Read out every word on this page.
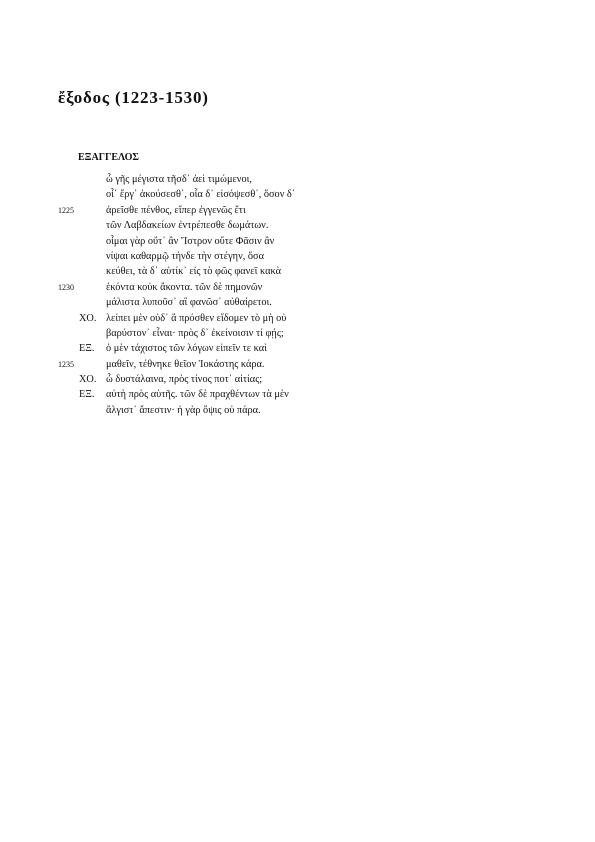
ἔξοδος (1223-1530)
ΕΞΑΓΓΕΛΟΣ
ὦ γῆς μέγιστα τῆσδ᾽ ἀεὶ τιμώμενοι,
οἷ᾽ ἔργ᾽ ἀκούσεσθ᾽, οἷα δ᾽ εἰσόψεσθ᾽, ὅσον δ᾽
1225	ἀρεῖσθε πένθος, εἴπερ ἐγγενῶς ἔτι
τῶν Λαβδακείων ἐντρέπεσθε δωμάτων.
οἶμαι γὰρ οὔτ᾽ ἂν Ἴστρον οὔτε Φᾶσιν ἂν
νίψαι καθαρμῷ τήνδε τὴν στέγην, ὅσα
κεύθει, τὰ δ᾽ αὐτίκ᾽ εἰς τὸ φῶς φανεῖ κακὰ
1230	ἑκόντα κοὐκ ἄκοντα. τῶν δὲ πημονῶν
μάλιστα λυποῦσ᾽ αἳ φανῶσ᾽ αὐθαίρετοι.
ΧΟ. λείπει μὲν οὐδ᾽ ἃ πρόσθεν εἴδομεν τὸ μὴ οὐ
βαρύστον᾽ εἶναι· πρὸς δ᾽ ἐκείνοισιν τί φῄς;
ΕΞ. ὁ μὲν τάχιστος τῶν λόγων εἰπεῖν τε καὶ
1235	μαθεῖν, τέθνηκε θεῖον Ἰοκάστης κάρα.
ΧΟ. ὦ δυστάλαινα, πρὸς τίνος ποτ᾽ αἰτίας;
ΕΞ. αὐτὴ πρὸς αὑτῆς. τῶν δὲ πραχθέντων τὰ μὲν
ἄλγιστ᾽ ἄπεστιν· ἡ γὰρ ὄψις οὐ πάρα.
